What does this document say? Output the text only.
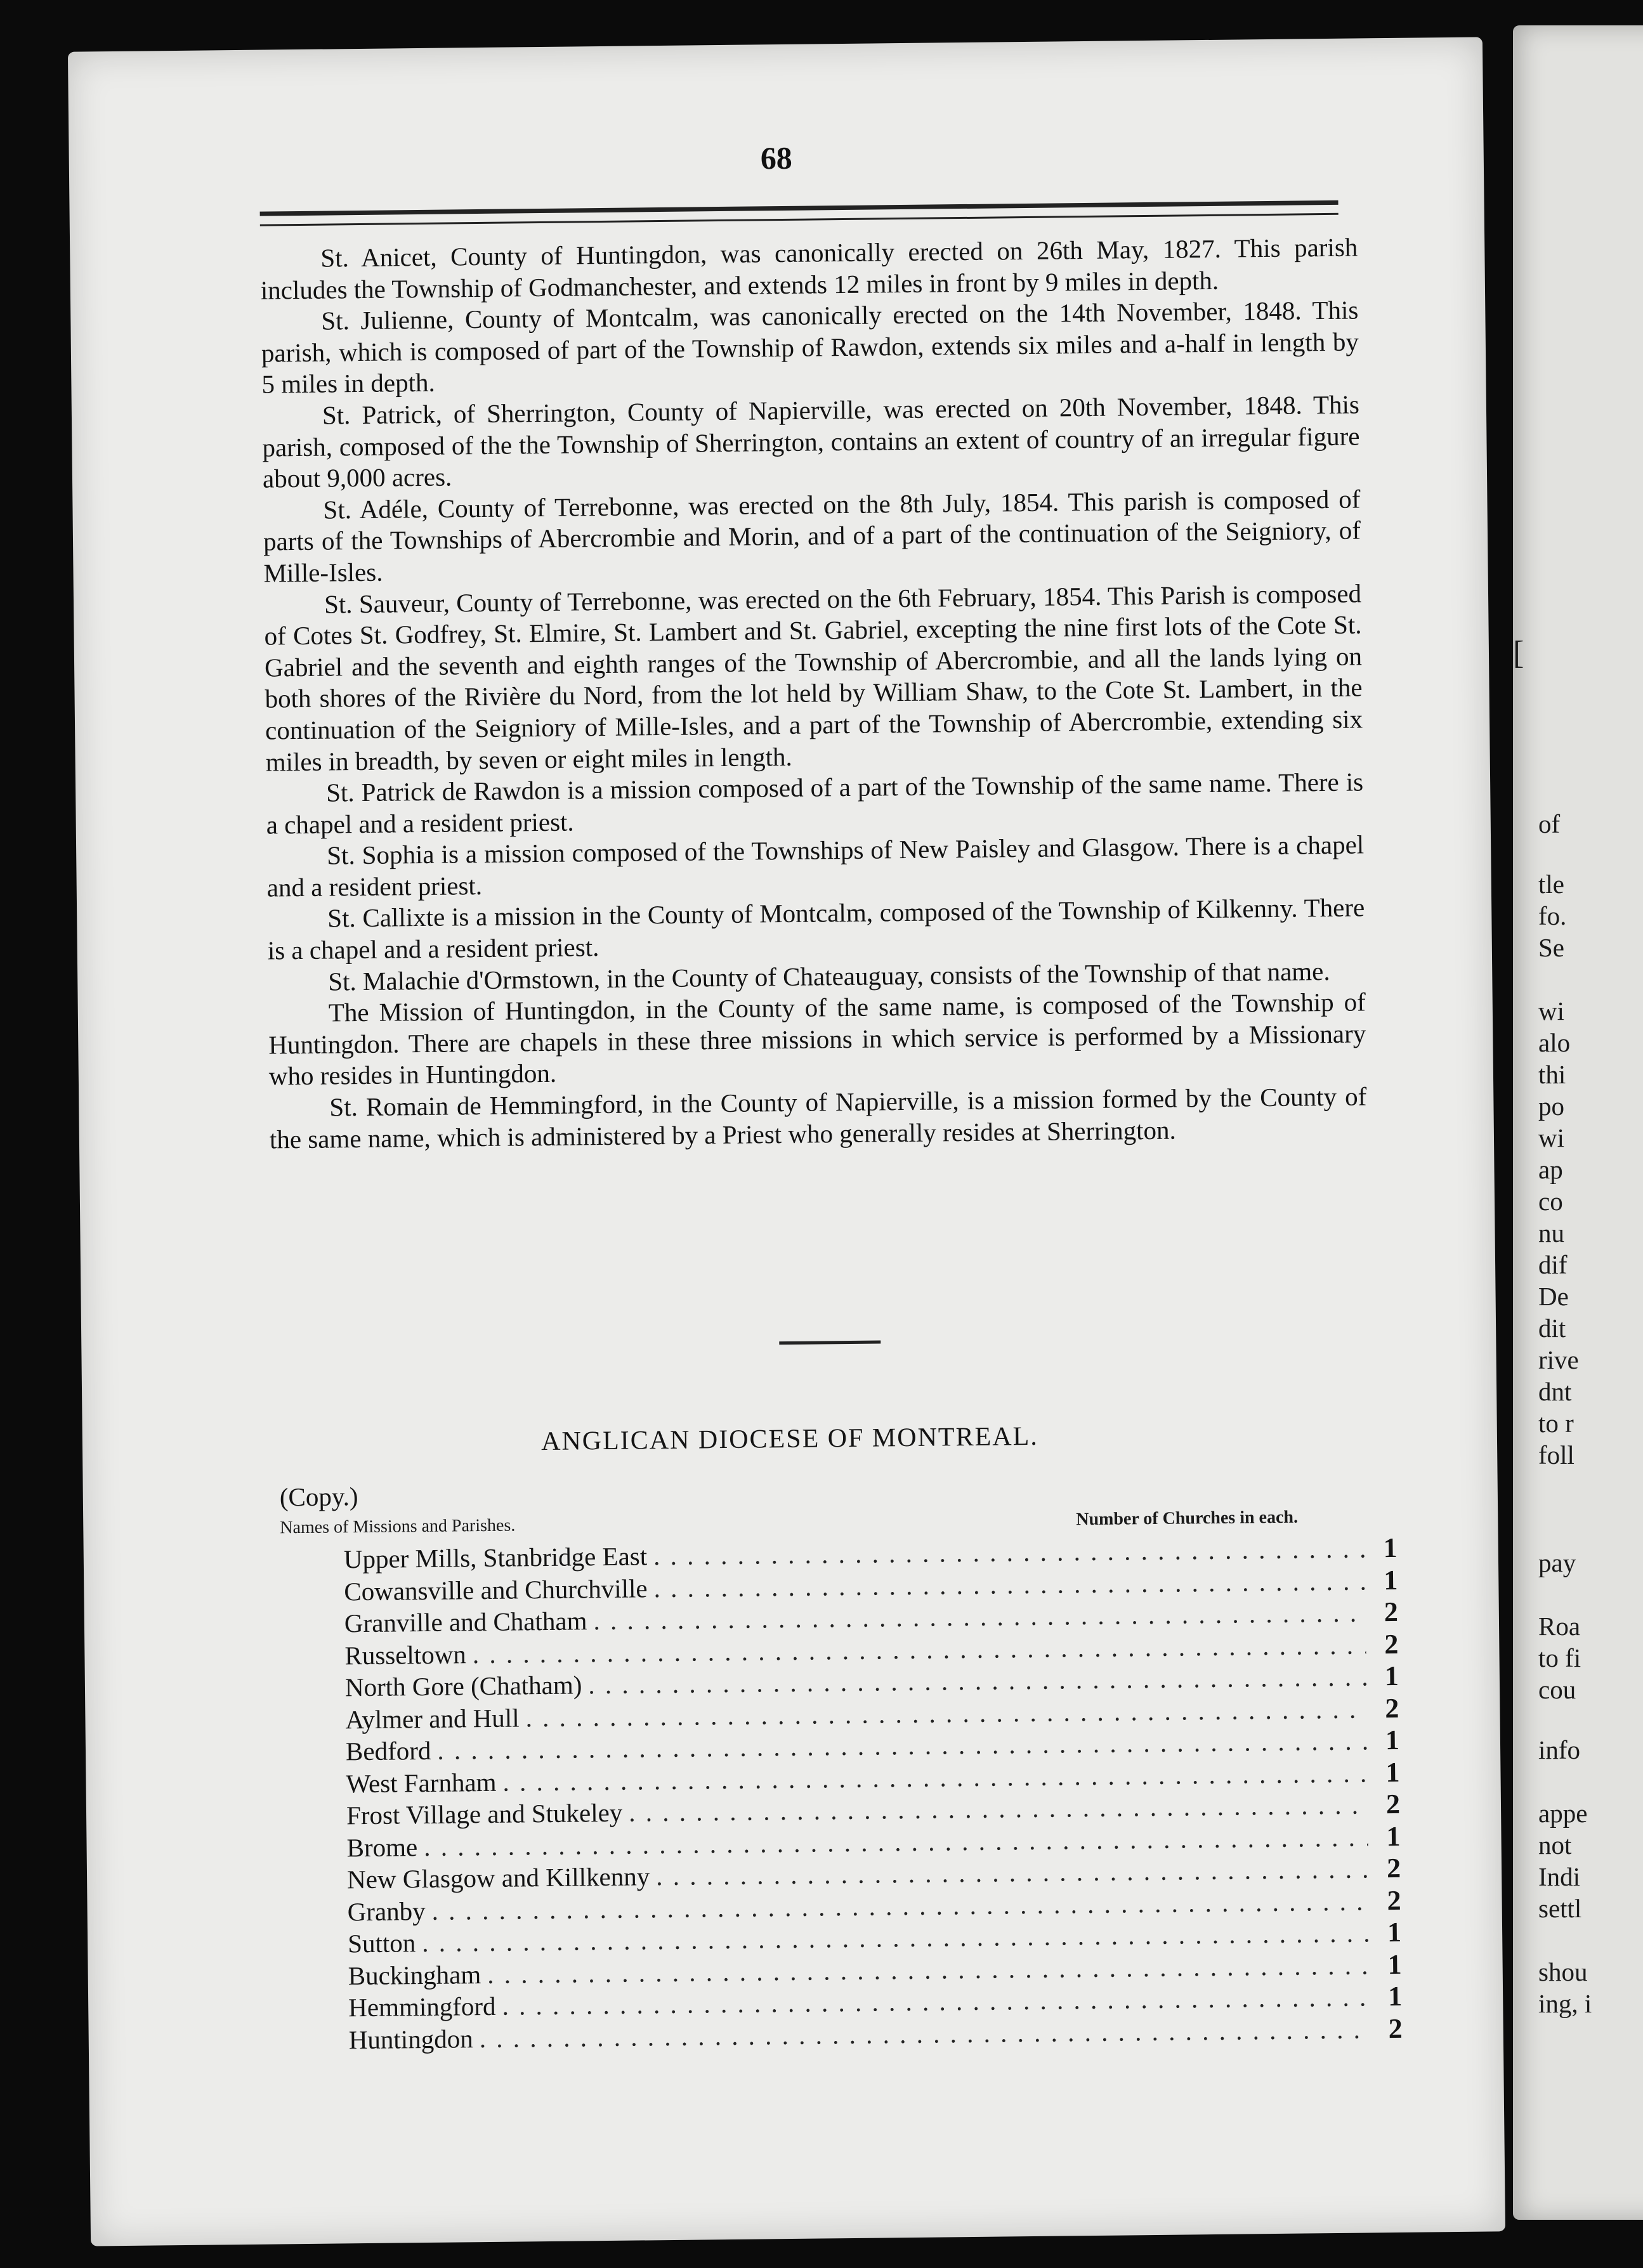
68

St. Anicet, County of Huntingdon, was canonically erected on 26th May, 1827. This parish includes the Township of Godmanchester, and extends 12 miles in front by 9 miles in depth.

St. Julienne, County of Montcalm, was canonically erected on the 14th November, 1848. This parish, which is composed of part of the Township of Rawdon, extends six miles and a-half in length by 5 miles in depth.

St. Patrick, of Sherrington, County of Napierville, was erected on 20th November, 1848. This parish, composed of the the Township of Sherrington, contains an extent of country of an irregular figure about 9,000 acres.

St. Adéle, County of Terrebonne, was erected on the 8th July, 1854. This parish is composed of parts of the Townships of Abercrombie and Morin, and of a part of the continuation of the Seigniory, of Mille-Isles.

St. Sauveur, County of Terrebonne, was erected on the 6th February, 1854. This Parish is composed of Cotes St. Godfrey, St. Elmire, St. Lambert and St. Gabriel, excepting the nine first lots of the Cote St. Gabriel and the seventh and eighth ranges of the Township of Abercrombie, and all the lands lying on both shores of the Rivière du Nord, from the lot held by William Shaw, to the Cote St. Lambert, in the continuation of the Seigniory of Mille-Isles, and a part of the Township of Abercrombie, extending six miles in breadth, by seven or eight miles in length.

St. Patrick de Rawdon is a mission composed of a part of the Township of the same name. There is a chapel and a resident priest.

St. Sophia is a mission composed of the Townships of New Paisley and Glasgow. There is a chapel and a resident priest.

St. Callixte is a mission in the County of Montcalm, composed of the Township of Kilkenny. There is a chapel and a resident priest.

St. Malachie d'Ormstown, in the County of Chateauguay, consists of the Township of that name.

The Mission of Huntingdon, in the County of the same name, is composed of the Township of Huntingdon. There are chapels in these three missions in which service is performed by a Missionary who resides in Huntingdon.

St. Romain de Hemmingford, in the County of Napierville, is a mission formed by the County of the same name, which is administered by a Priest who generally resides at Sherrington.

ANGLICAN DIOCESE OF MONTREAL.
(Copy.)
Names of Missions and Parishes.	Number of Churches in each.
Upper Mills, Stanbridge East . . .	1
Cowansville and Churchville . . .	1
Granville and Chatham . . .	2
Russeltown . . .	2
North Gore (Chatham) . . .	1
Aylmer and Hull . . .	2
Bedford . . .	1
West Farnham . . .	1
Frost Village and Stukeley . . .	2
Brome . . .	1
New Glasgow and Killkenny . . .	2
Granby . . .	2
Sutton . . .	1
Buckingham . . .	1
Hemmingford . . .	1
Huntingdon . . .	2
[
of
tle
fo.
Se
wi
alo
thi
po
wi
ap
co
nu
dif
De
dit
rive
dnt
to r
foll
pay
Roa
to fi
cou
info
appe
not
Indi
settl
shou
ing, i
